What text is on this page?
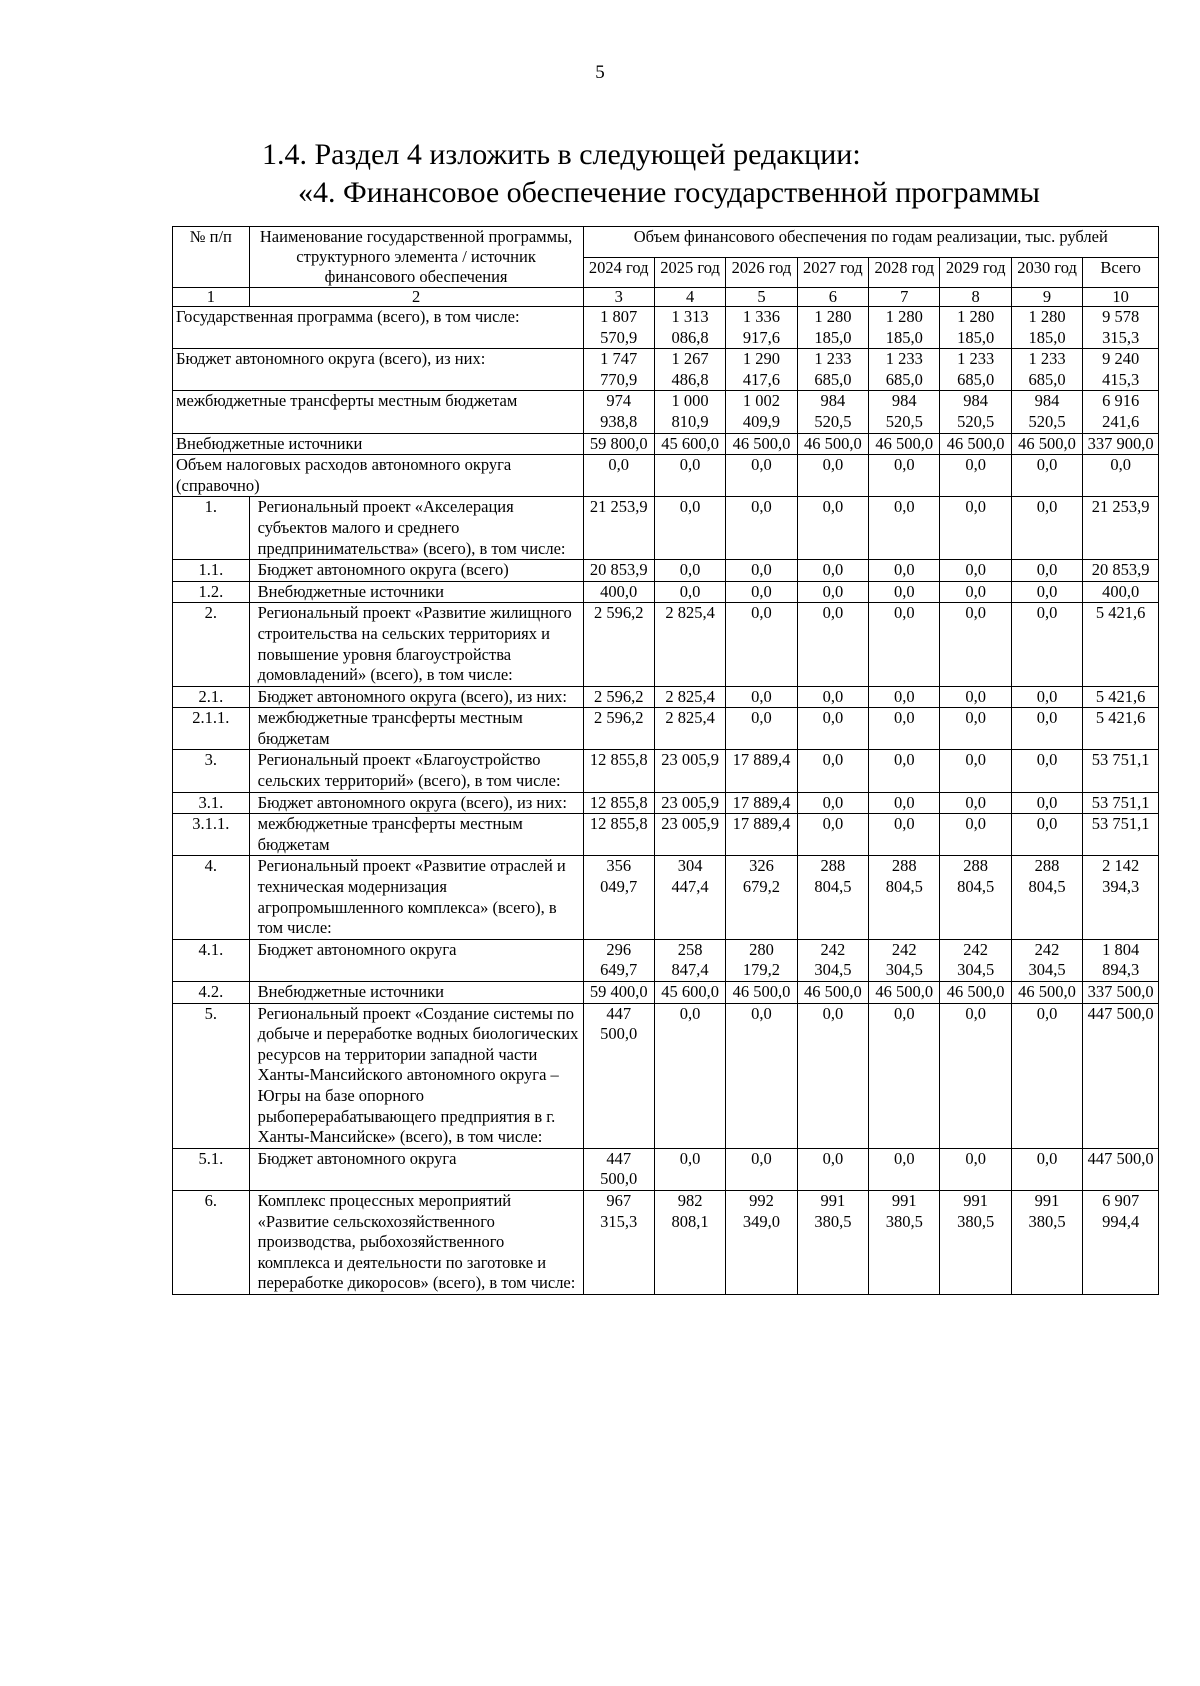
5
1.4. Раздел 4 изложить в следующей редакции:
«4. Финансовое обеспечение государственной программы
№ п/п	Наименование государственной программы, структурного элемента / источник финансового обеспечения	Объем финансового обеспечения по годам реализации, тыс. рублей							
		2024 год	2025 год	2026 год	2027 год	2028 год	2029 год	2030 год	Всего
1	2	3	4	5	6	7	8	9	10
Государственная программа (всего), в том числе:		1 807 570,9	1 313 086,8	1 336 917,6	1 280 185,0	1 280 185,0	1 280 185,0	1 280 185,0	9 578 315,3
Бюджет автономного округа (всего), из них:		1 747 770,9	1 267 486,8	1 290 417,6	1 233 685,0	1 233 685,0	1 233 685,0	1 233 685,0	9 240 415,3
межбюджетные трансферты местным бюджетам		974 938,8	1 000 810,9	1 002 409,9	984 520,5	984 520,5	984 520,5	984 520,5	6 916 241,6
Внебюджетные источники		59 800,0	45 600,0	46 500,0	46 500,0	46 500,0	46 500,0	46 500,0	337 900,0
Объем налоговых расходов автономного округа (справочно)		0,0	0,0	0,0	0,0	0,0	0,0	0,0	0,0
1.	Региональный проект «Акселерация субъектов малого и среднего предпринимательства» (всего), в том числе:	21 253,9	0,0	0,0	0,0	0,0	0,0	0,0	21 253,9
1.1.	Бюджет автономного округа (всего)	20 853,9	0,0	0,0	0,0	0,0	0,0	0,0	20 853,9
1.2.	Внебюджетные источники	400,0	0,0	0,0	0,0	0,0	0,0	0,0	400,0
2.	Региональный проект «Развитие жилищного строительства на сельских территориях и повышение уровня благоустройства домовладений» (всего), в том числе:	2 596,2	2 825,4	0,0	0,0	0,0	0,0	0,0	5 421,6
2.1.	Бюджет автономного округа (всего), из них:	2 596,2	2 825,4	0,0	0,0	0,0	0,0	0,0	5 421,6
2.1.1.	межбюджетные трансферты местным бюджетам	2 596,2	2 825,4	0,0	0,0	0,0	0,0	0,0	5 421,6
3.	Региональный проект «Благоустройство сельских территорий» (всего), в том числе:	12 855,8	23 005,9	17 889,4	0,0	0,0	0,0	0,0	53 751,1
3.1.	Бюджет автономного округа (всего), из них:	12 855,8	23 005,9	17 889,4	0,0	0,0	0,0	0,0	53 751,1
3.1.1.	межбюджетные трансферты местным бюджетам	12 855,8	23 005,9	17 889,4	0,0	0,0	0,0	0,0	53 751,1
4.	Региональный проект «Развитие отраслей и техническая модернизация агропромышленного комплекса» (всего), в том числе:	356 049,7	304 447,4	326 679,2	288 804,5	288 804,5	288 804,5	288 804,5	2 142 394,3
4.1.	Бюджет автономного округа	296 649,7	258 847,4	280 179,2	242 304,5	242 304,5	242 304,5	242 304,5	1 804 894,3
4.2.	Внебюджетные источники	59 400,0	45 600,0	46 500,0	46 500,0	46 500,0	46 500,0	46 500,0	337 500,0
5.	Региональный проект «Создание системы по добыче и переработке водных биологических ресурсов на территории западной части Ханты-Мансийского автономного округа – Югры на базе опорного рыбоперерабатывающего предприятия в г. Ханты-Мансийске» (всего), в том числе:	447 500,0	0,0	0,0	0,0	0,0	0,0	0,0	447 500,0
5.1.	Бюджет автономного округа	447 500,0	0,0	0,0	0,0	0,0	0,0	0,0	447 500,0
6.	Комплекс процессных мероприятий «Развитие сельскохозяйственного производства, рыбохозяйственного комплекса и деятельности по заготовке и переработке дикоросов» (всего), в том числе:	967 315,3	982 808,1	992 349,0	991 380,5	991 380,5	991 380,5	991 380,5	6 907 994,4
